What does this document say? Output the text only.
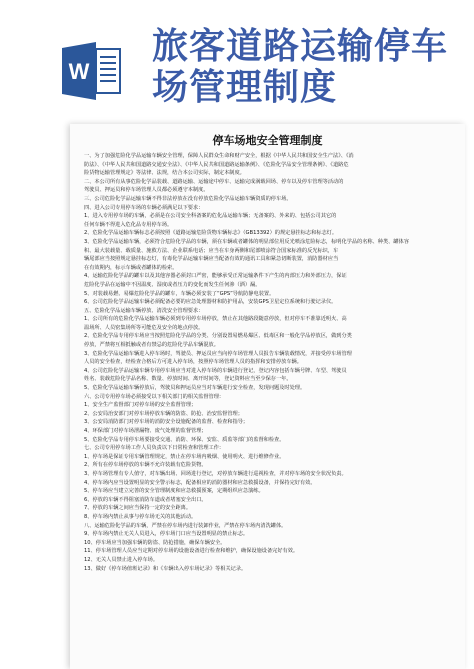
W
旅客道路运输停车
场管理制度
停车场地安全管理制度
一、为了加强危险化学品运输车辆安全管理，保障人民群众生命和财产安全，根据《中华人民共和国安全生产法》、《消
防法》、《中华人民共和国道路交通安全法》、《中华人民共和国道路运输条例》、《危险化学品安全管理条例》、《道路危
险货物运输管理规定》等法律、法规，结合本公司实际，制定本制度。
二、本公司所有从事危险化学品装载、道路运输、运输途中停车、运输完成满载回场、停车以及停车管理等活动的
驾驶员、押运员和停车场管理人员都必须遵守本制度。
三、公司危险化学品运输车辆不得非法停放在没有停放危险化学品运输车辆资质的停车场。
四、进入公司专用停车场的车辆必须满足以下要求：
1、进入专用停车场的车辆，必须是在公司安全科备案的危化品运输车辆；无备案的、外来的、包括公司其它的
任何车辆不得进入危化品专用停车场。
2、危险化学品运输车辆标志必须按照《道路运输危险货物车辆标志》（GB13392）的规定悬挂标志和标志灯。
3、危险化学品运输车辆，必须符合危险化学品的车辆，须在车辆或者罐体的明显部位用反光喷涂危险标志，标明化学品的名称、种类、罐体容
积、最大装载量、载质量、施救方法、企业联系电话；应当在车身两侧和尾部喷涂符合国家标准的反光标识，车
辆尾部应当按照规定悬挂标志灯，有毒化学品运输车辆应当配备有效的通讯工具和紧急切断装置，消防器材应当
在有效期内，标示车辆或者罐体的检索。
4、运输危险化学品的罐车以及其他容器必须封口严密，能够承受正常运输条件下产生的内部压力和外部压力，保证
危险化学品在运输中不因温度、湿度或者压力的变化而发生任何渗（洒）漏。
5、对装载易燃、易爆危险化学品的罐车，车辆必须安装了“GPS”导航防静电装置。
6、公司危险化学品运输车辆必须配备必要的应急处理器材和防护用品，安装GPS卫星定位系统和行驶记录仪。
五、危险化学品运输车辆停放、清洗安全管理要求：
1、公司所有的危险化学品运输车辆必须到专用停车场停放，禁止在其他路段随意停放，但对停车不准靠近明火、高
温场所、人员密集场所等可能危及安全的地点停放。
2、危险化学品专用停车场应当按照危险化学品的分类、分别设置易燃易爆区、低毒区和一般化学品停放区，做到分类
停放，严禁将互相抵触或者有禁忌的危险化学品车辆混放。
3、危险化学品运输车辆进入停车场时，驾驶员、押运员应当向停车场管理人员报告车辆装载情况，并接受停车场管理
人员的安全检查，经检查合格后方可进入停车场，按照停车场管理人员的指挥和安排停放车辆。
4、公司危险化学品运输车辆专用停车场应当对进入停车场的车辆进行登记，登记内容包括车辆号牌、车型、驾驶员
姓名、装载危险化学品名称、数量、停放时间、离开时间等，登记资料应当至少保存一年。
5、危险化学品运输车辆停放后，驾驶员和押运员应当对车辆进行安全检查，发现问题及时处理。
六、公司专用停车场必须接受以下相关部门的相关监督管理：
1、安全生产监督部门对停车场的安全监督管理；
2、公安局治安部门对停车场停放车辆的防盗、防抢、治安监督管理；
3、公安局消防部门对停车场的消防安全设施配备的监督、检查和指导；
4、环保部门对停车场泄漏物、废气处理的监督管理；
5、危险化学品专用停车场要接受交通、消防、环保、安监、质监等部门的监督和检查。
七、公司专用停车场工作人员负责以下日常检查和管理工作：
1、停车场是保证专用车辆管理规定，禁止在停车场内吸烟、使用明火、进行维修作业。
2、所有在停车场停放的车辆不允许装载有危险货物。
3、停车场管理有专人值守，对车辆出场、回场进行登记，对停放车辆进行巡视检查，并对停车场的安全状况负责。
4、停车场内应当设置明显的安全警示标志，配备相应的消防器材和应急救援设备，并保持完好有效。
5、停车场应当建立完善的安全管理制度和应急救援预案，定期组织应急演练。
6、停放的车辆不得阻塞消防车道或者堵塞安全出口。
7、停放的车辆之间应当保持一定的安全距离。
8、停车场内禁止从事与停车场无关的其他活动。
八、运输危险化学品的车辆，严禁在停车场内进行装卸作业，严禁在停车场内清洗罐体。
9、停车场内禁止无关人员进入，停车场门口应当设置明显的禁止标志。
10、停车场应当加强车辆的防盗、防抢措施，确保车辆安全。
11、停车场管理人员应当定期对停车场的设施设备进行检查和维护，确保设施设备完好有效。
12、无关人员禁止进入停车场。
13、做好《停车场值班记录》和《车辆出入停车场记录》等相关记录。
